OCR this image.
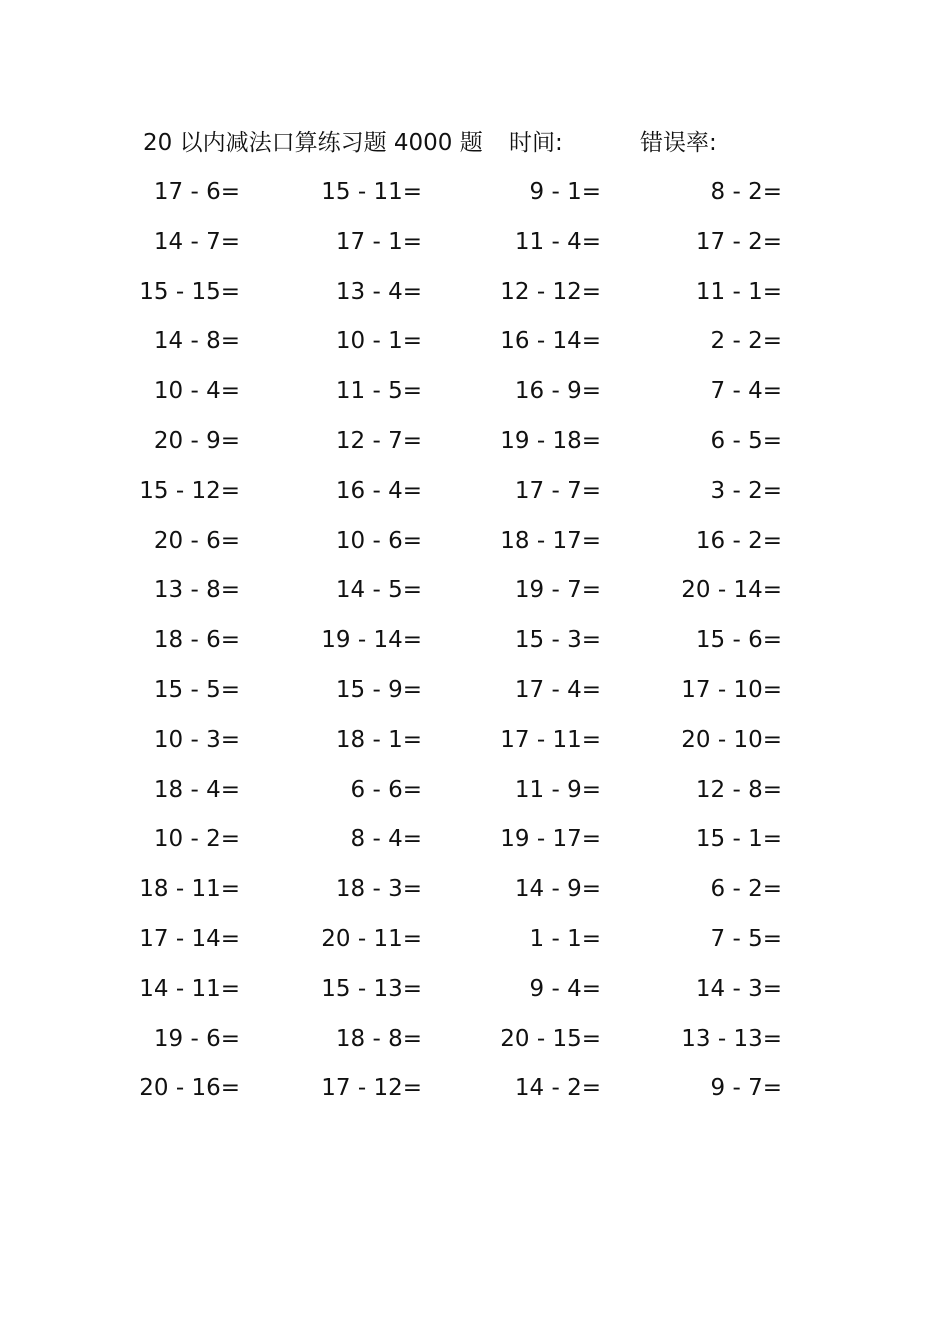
20 以内减法口算练习题 4000 题 时间:	错误率:
17 - 6=	15 - 11=	9 - 1=	8 - 2=
14 - 7=	17 - 1=	11 - 4=	17 - 2=
15 - 15=	13 - 4=	12 - 12=	11 - 1=
14 - 8=	10 - 1=	16 - 14=	2 - 2=
10 - 4=	11 - 5=	16 - 9=	7 - 4=
20 - 9=	12 - 7=	19 - 18=	6 - 5=
15 - 12=	16 - 4=	17 - 7=	3 - 2=
20 - 6=	10 - 6=	18 - 17=	16 - 2=
13 - 8=	14 - 5=	19 - 7=	20 - 14=
18 - 6=	19 - 14=	15 - 3=	15 - 6=
15 - 5=	15 - 9=	17 - 4=	17 - 10=
10 - 3=	18 - 1=	17 - 11=	20 - 10=
18 - 4=	6 - 6=	11 - 9=	12 - 8=
10 - 2=	8 - 4=	19 - 17=	15 - 1=
18 - 11=	18 - 3=	14 - 9=	6 - 2=
17 - 14=	20 - 11=	1 - 1=	7 - 5=
14 - 11=	15 - 13=	9 - 4=	14 - 3=
19 - 6=	18 - 8=	20 - 15=	13 - 13=
20 - 16=	17 - 12=	14 - 2=	9 - 7=
